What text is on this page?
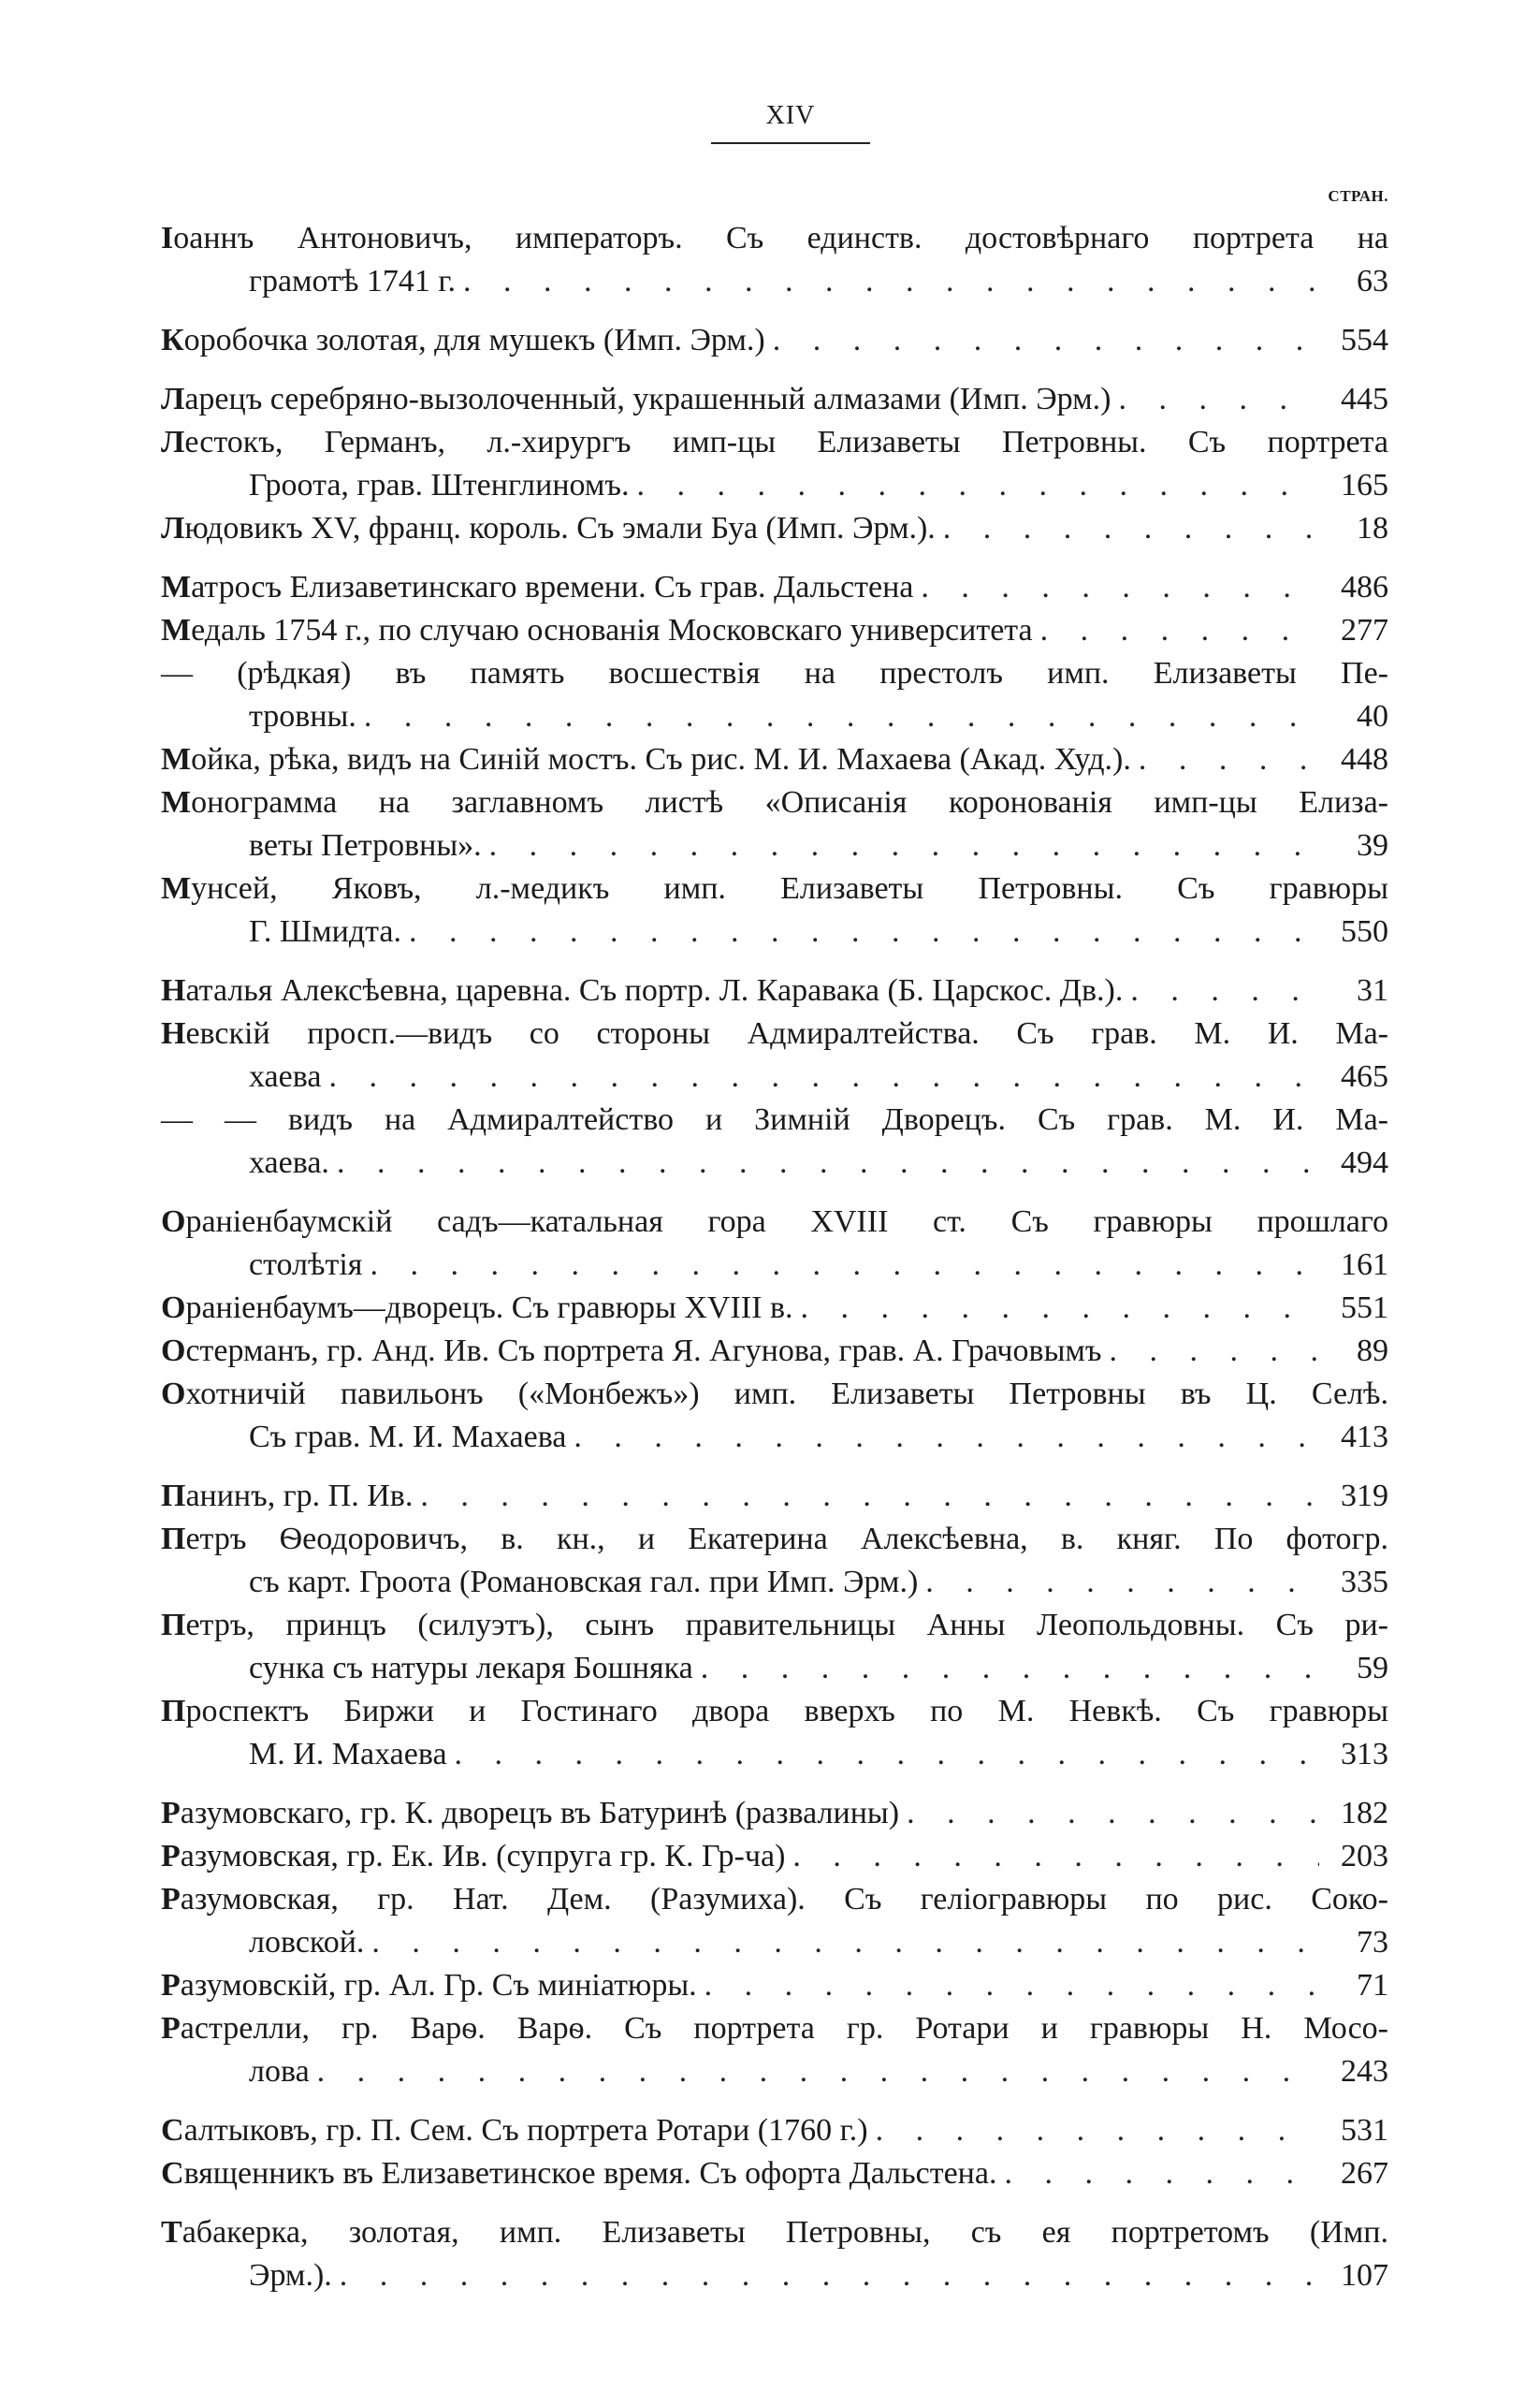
XIV
СТРАН.
Іоаннъ Антоновичъ, императоръ. Съ единств. достовѣрнаго портрета на
грамотѣ 1741 г. . . .	63
Коробочка золотая, для мушекъ (Имп. Эрм.) . . .	554
Ларецъ серебряно-вызолоченный, украшенный алмазами (Имп. Эрм.) . . .	445
Лестокъ, Германъ, л.-хирургъ имп-цы Елизаветы Петровны. Съ портрета
Гроота, грав. Штенглиномъ. . . .	165
Людовикъ XV, франц. король. Съ эмали Буа (Имп. Эрм.). . . .	18
Матросъ Елизаветинскаго времени. Съ грав. Дальстена . . .	486
Медаль 1754 г., по случаю основанія Московскаго университета . . .	277
— (рѣдкая) въ память восшествія на престолъ имп. Елизаветы Пе-
тровны. . . .	40
Мойка, рѣка, видъ на Синій мостъ. Съ рис. М. И. Махаева (Акад. Худ.). . . .	448
Монограмма на заглавномъ листѣ «Описанія коронованія имп-цы Елиза-
веты Петровны». . . .	39
Мунсей, Яковъ, л.-медикъ имп. Елизаветы Петровны. Съ гравюры
Г. Шмидта. . . .	550
Наталья Алексѣевна, царевна. Съ портр. Л. Каравака (Б. Царскос. Дв.). . . .	31
Невскій просп.—видъ со стороны Адмиралтейства. Съ грав. М. И. Ма-
хаева . . .	465
— — видъ на Адмиралтейство и Зимній Дворецъ. Съ грав. М. И. Ма-
хаева. . . .	494
Ораніенбаумскій садъ—катальная гора XVIII ст. Съ гравюры прошлаго
столѣтія . . .	161
Ораніенбаумъ—дворецъ. Съ гравюры XVIII в. . . .	551
Остерманъ, гр. Анд. Ив. Съ портрета Я. Агунова, грав. А. Грачовымъ . . .	89
Охотничій павильонъ («Монбежъ») имп. Елизаветы Петровны въ Ц. Селѣ.
Съ грав. М. И. Махаева . . .	413
Панинъ, гр. П. Ив. . . .	319
Петръ Ѳеодоровичъ, в. кн., и Екатерина Алексѣевна, в. княг. По фотогр.
съ карт. Гроота (Романовская гал. при Имп. Эрм.) . . .	335
Петръ, принцъ (силуэтъ), сынъ правительницы Анны Леопольдовны. Съ ри-
сунка съ натуры лекаря Бошняка . . .	59
Проспектъ Биржи и Гостинаго двора вверхъ по М. Невкѣ. Съ гравюры
М. И. Махаева . . .	313
Разумовскаго, гр. К. дворецъ въ Батуринѣ (развалины) . . .	182
Разумовская, гр. Ек. Ив. (супруга гр. К. Гр-ча) . . .	203
Разумовская, гр. Нат. Дем. (Разумиха). Съ геліогравюры по рис. Соко-
ловской. . . .	73
Разумовскій, гр. Ал. Гр. Съ миніатюры. . . .	71
Растрелли, гр. Варѳ. Варѳ. Съ портрета гр. Ротари и гравюры Н. Мосо-
лова . . .	243
Салтыковъ, гр. П. Сем. Съ портрета Ротари (1760 г.) . . .	531
Священникъ въ Елизаветинское время. Съ офорта Дальстена. . . .	267
Табакерка, золотая, имп. Елизаветы Петровны, съ ея портретомъ (Имп.
Эрм.). . . .	107
